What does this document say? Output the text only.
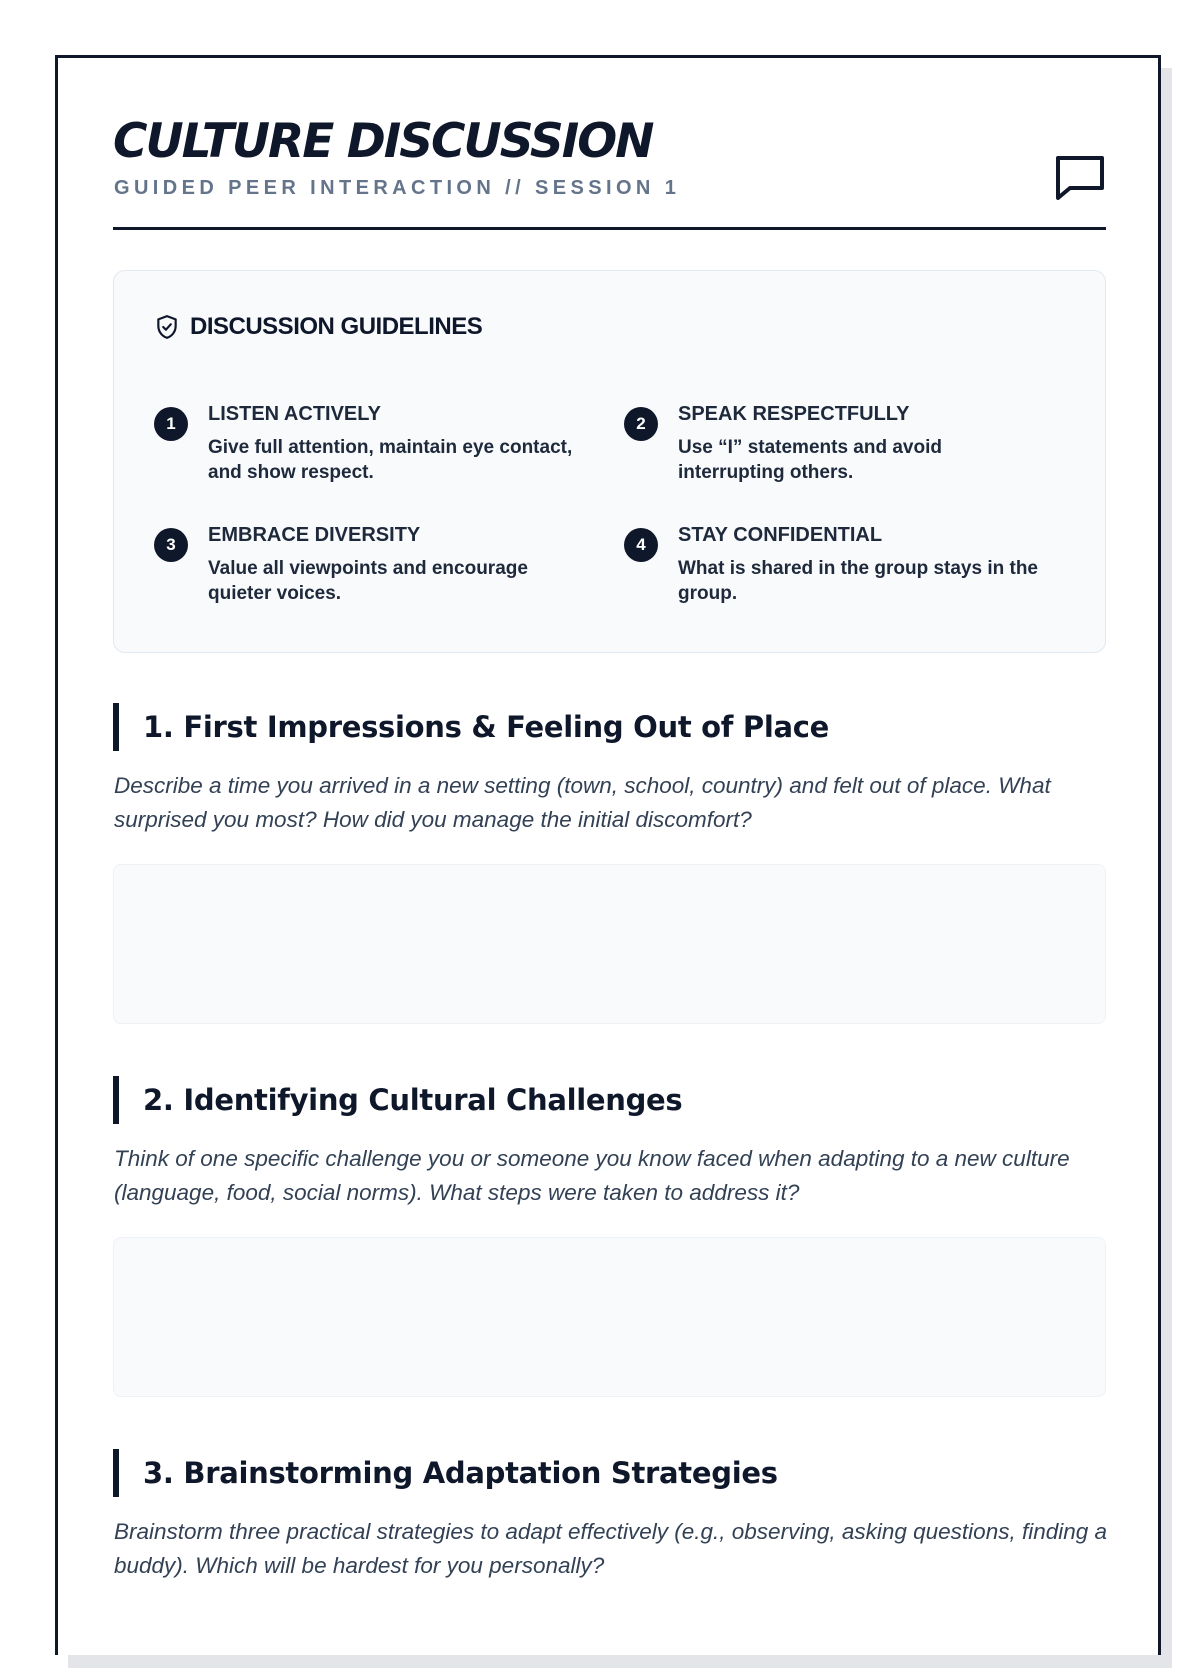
CULTURE DISCUSSION
GUIDED PEER INTERACTION // SESSION 1
DISCUSSION GUIDELINES
1	LISTEN ACTIVELY
Give full attention, maintain eye contact, and show respect.
2	SPEAK RESPECTFULLY
Use “I” statements and avoid interrupting others.
3	EMBRACE DIVERSITY
Value all viewpoints and encourage quieter voices.
4	STAY CONFIDENTIAL
What is shared in the group stays in the group.
1. First Impressions & Feeling Out of Place

Describe a time you arrived in a new setting (town, school, country) and felt out of place. What surprised you most? How did you manage the initial discomfort?

2. Identifying Cultural Challenges

Think of one specific challenge you or someone you know faced when adapting to a new culture (language, food, social norms). What steps were taken to address it?

3. Brainstorming Adaptation Strategies

Brainstorm three practical strategies to adapt effectively (e.g., observing, asking questions, finding a buddy). Which will be hardest for you personally?
